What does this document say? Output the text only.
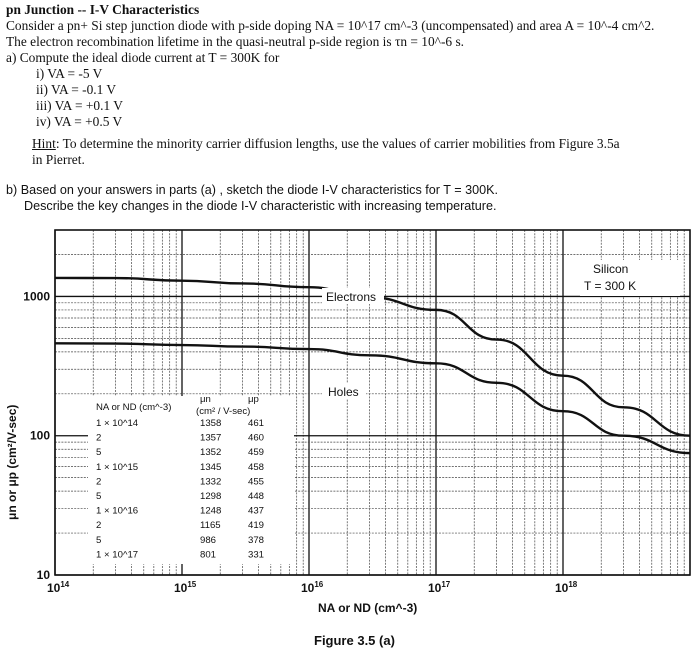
pn Junction -- I-V Characteristics
Consider a pn+ Si step junction diode with p-side doping NA = 10^17 cm^-3 (uncompensated) and area A = 10^-4 cm^2.
The electron recombination lifetime in the quasi-neutral p-side region is τn = 10^-6 s.
a) Compute the ideal diode current at T = 300K for
i) VA = -5 V
ii) VA = -0.1 V
iii) VA = +0.1 V
iv) VA = +0.5 V
Hint: To determine the minority carrier diffusion lengths, use the values of carrier mobilities from Figure 3.5a
in Pierret.
b) Based on your answers in parts (a) , sketch the diode I-V characteristics for T = 300K.
Describe the key changes in the diode I-V characteristic with increasing temperature.
$10^{14}$	$10^{15}$	$10^{16}$	$10^{17}$	$10^{18}$
10
100
1000	Electrons
Holes
Silicon
T = 300 K
NA or ND (cm^-3)
μn	μp
(cm² / V-sec)
1 × 10^14	1358	461
2	1357	460
5	1352	459
1 × 10^15	1345	458
2	1332	455
5	1298	448
1 × 10^16	1248	437
2	1165	419
5	986	378
1 × 10^17	801	331
μn or μp (cm²/V-sec)
NA or ND (cm^-3)
Figure 3.5 (a)
